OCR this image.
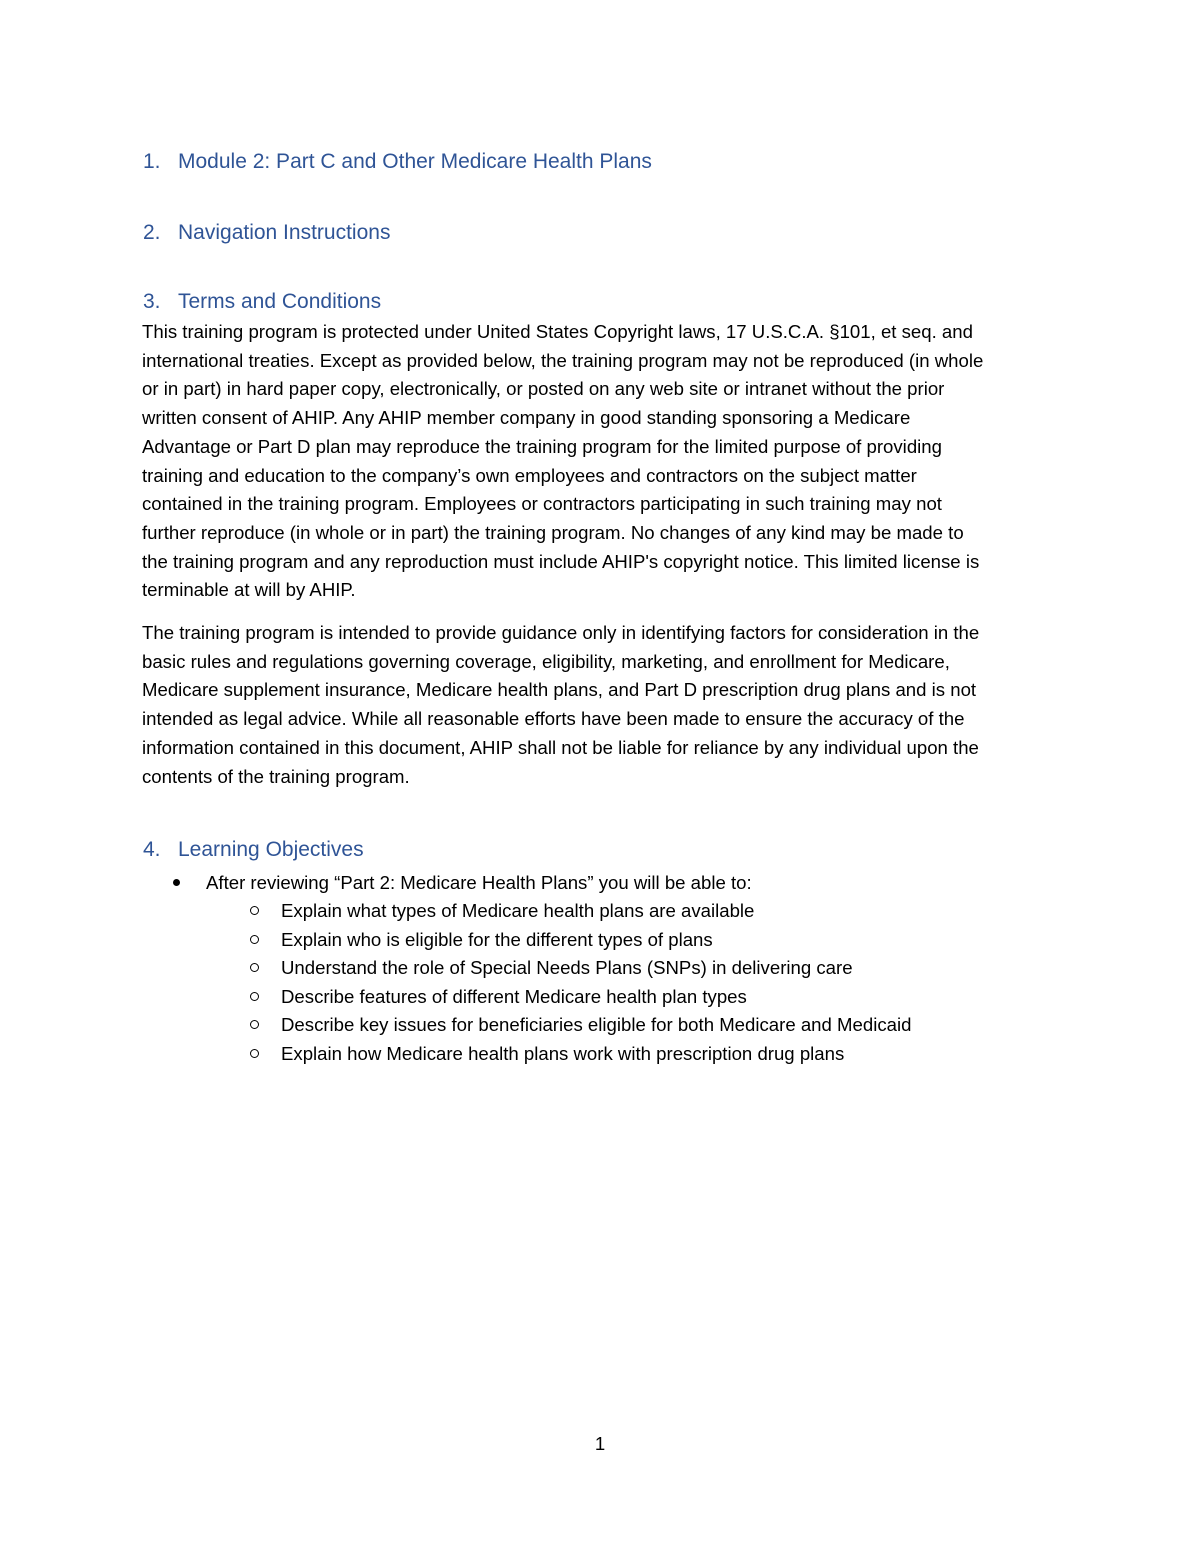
1. Module 2: Part C and Other Medicare Health Plans
2. Navigation Instructions
3. Terms and Conditions

This training program is protected under United States Copyright laws, 17 U.S.C.A. §101, et seq. and
international treaties. Except as provided below, the training program may not be reproduced (in whole
or in part) in hard paper copy, electronically, or posted on any web site or intranet without the prior
written consent of AHIP. Any AHIP member company in good standing sponsoring a Medicare
Advantage or Part D plan may reproduce the training program for the limited purpose of providing
training and education to the company’s own employees and contractors on the subject matter
contained in the training program. Employees or contractors participating in such training may not
further reproduce (in whole or in part) the training program. No changes of any kind may be made to
the training program and any reproduction must include AHIP's copyright notice. This limited license is
terminable at will by AHIP.

The training program is intended to provide guidance only in identifying factors for consideration in the
basic rules and regulations governing coverage, eligibility, marketing, and enrollment for Medicare,
Medicare supplement insurance, Medicare health plans, and Part D prescription drug plans and is not
intended as legal advice. While all reasonable efforts have been made to ensure the accuracy of the
information contained in this document, AHIP shall not be liable for reliance by any individual upon the
contents of the training program.

4. Learning Objectives
After reviewing “Part 2: Medicare Health Plans” you will be able to:
Explain what types of Medicare health plans are available
Explain who is eligible for the different types of plans
Understand the role of Special Needs Plans (SNPs) in delivering care
Describe features of different Medicare health plan types
Describe key issues for beneficiaries eligible for both Medicare and Medicaid
Explain how Medicare health plans work with prescription drug plans
1
